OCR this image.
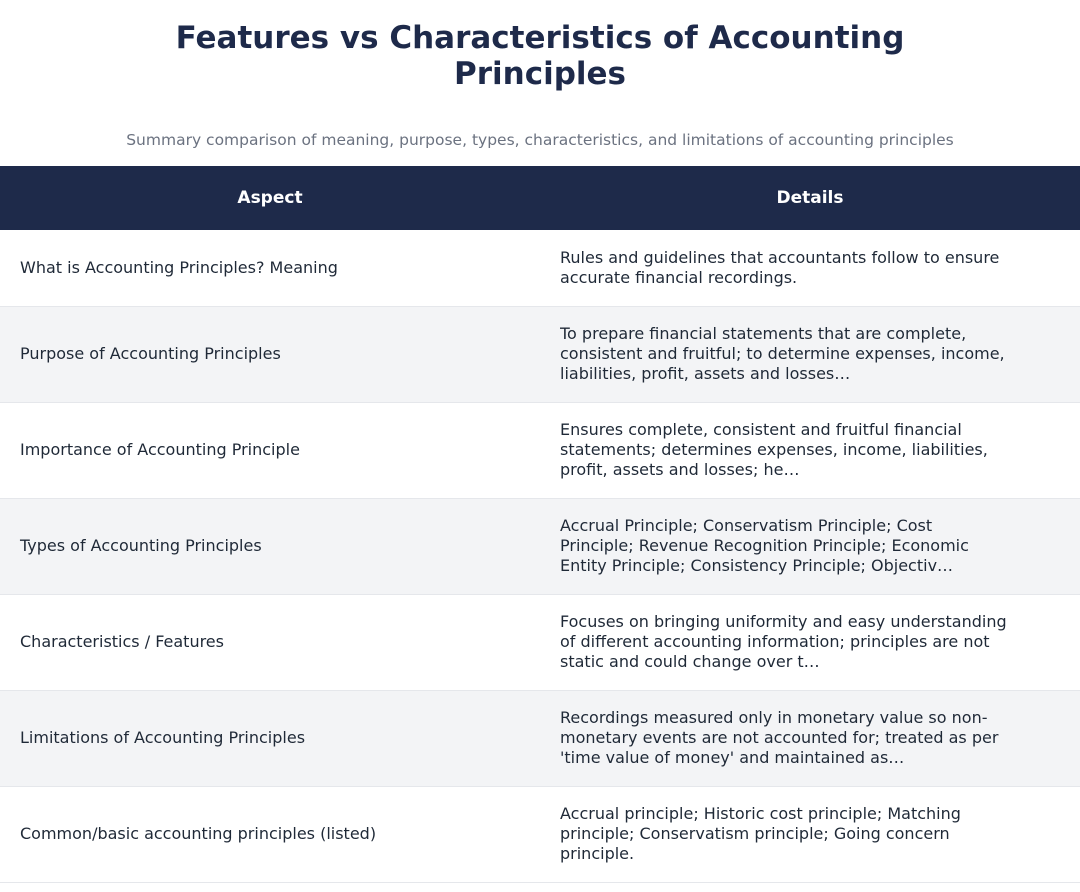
Features vs Characteristics of Accounting Principles
Summary comparison of meaning, purpose, types, characteristics, and limitations of accounting principles
Aspect	Details
What is Accounting Principles? Meaning	Rules and guidelines that accountants follow to ensure accurate financial recordings.

Purpose of Accounting Principles	To prepare financial statements that are complete, consistent and fruitful; to determine expenses, income, liabilities, profit, assets and losses…

Importance of Accounting Principle	Ensures complete, consistent and fruitful financial statements; determines expenses, income, liabilities, profit, assets and losses; he…

Types of Accounting Principles	Accrual Principle; Conservatism Principle; Cost Principle; Revenue Recognition Principle; Economic Entity Principle; Consistency Principle; Objectiv…

Characteristics / Features	Focuses on bringing uniformity and easy understanding of different accounting information; principles are not static and could change over t…

Limitations of Accounting Principles	Recordings measured only in monetary value so non-monetary events are not accounted for; treated as per 'time value of money' and maintained as…

Common/basic accounting principles (listed)	Accrual principle; Historic cost principle; Matching principle; Conservatism principle; Going concern principle.
